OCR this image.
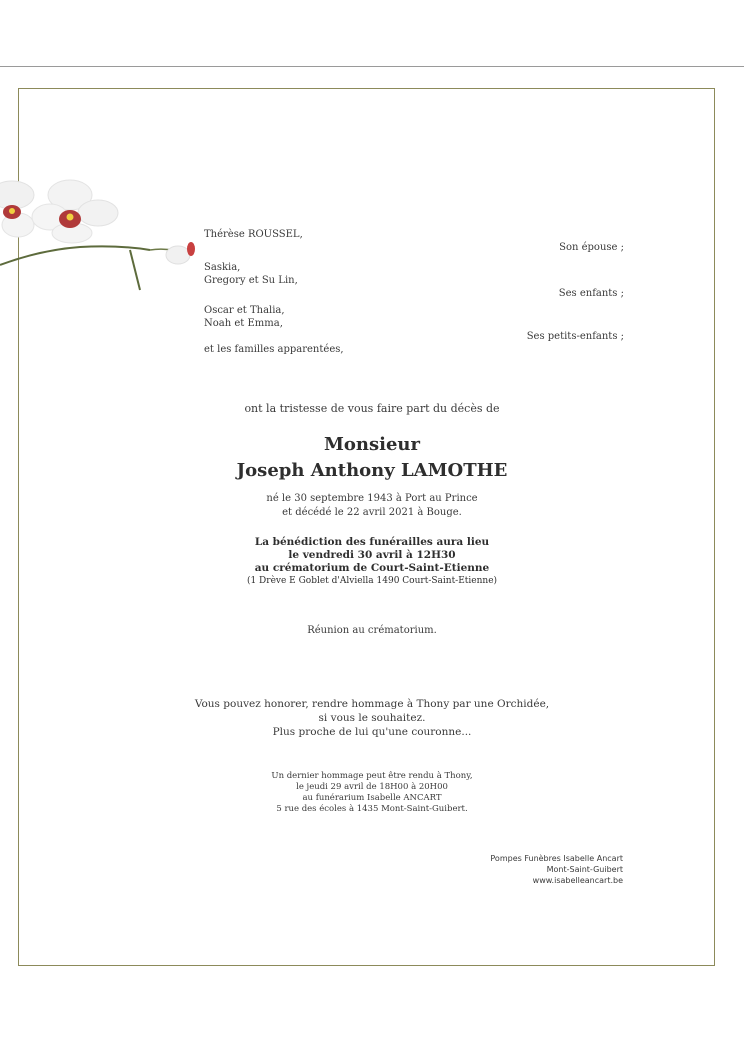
Thérèse ROUSSEL,
Son épouse ;
Saskia,
Gregory et Su Lin,
Ses enfants ;
Oscar et Thalia,
Noah et Emma,
Ses petits-enfants ;
et les familles apparentées,
ont la tristesse de vous faire part du décès de
Monsieur
Joseph Anthony LAMOTHE
né le 30 septembre 1943 à Port au Prince
et décédé le 22 avril 2021 à Bouge.
La bénédiction des funérailles aura lieu
le vendredi 30 avril à 12H30
au crématorium de Court-Saint-Etienne
(1 Drève E Goblet d'Alviella 1490 Court-Saint-Etienne)
Réunion au crématorium.
Vous pouvez honorer, rendre hommage à Thony par une Orchidée,
si vous le souhaitez.
Plus proche de lui qu'une couronne...
Un dernier hommage peut être rendu à Thony,
le jeudi 29 avril de 18H00 à 20H00
au funérarium Isabelle ANCART
5 rue des écoles à 1435 Mont-Saint-Guibert.
Pompes Funèbres Isabelle Ancart
Mont-Saint-Guibert
www.isabelleancart.be
